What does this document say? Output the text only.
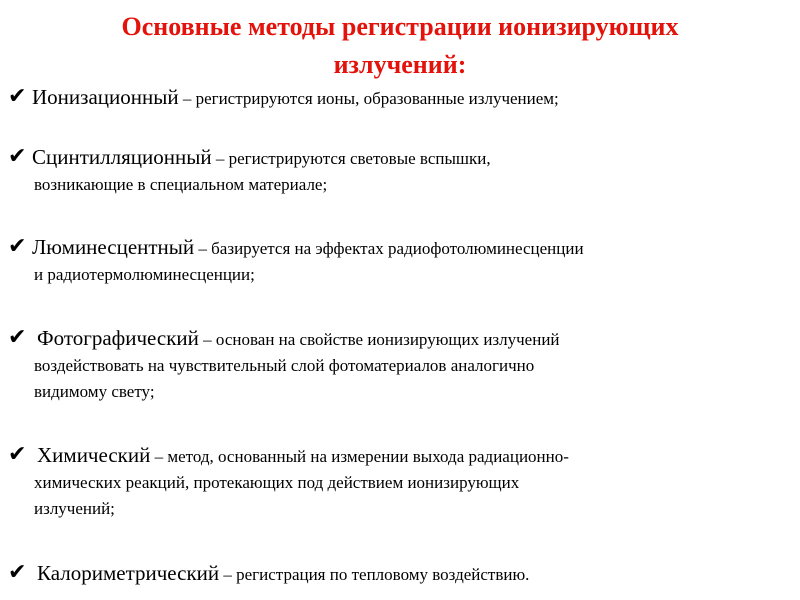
Основные методы регистрации ионизирующих
излучений:
✔ Ионизационный – регистрируются ионы, образованные излучением;
✔ Сцинтилляционный – регистрируются световые вспышки,
возникающие в специальном материале;
✔ Люминесцентный – базируется на эффектах радиофотолюминесценции
и радиотермолюминесценции;
✔ Фотографический – основан на свойстве ионизирующих излучений
воздействовать на чувствительный слой фотоматериалов аналогично
видимому свету;
✔ Химический – метод, основанный на измерении выхода радиационно-
химических реакций, протекающих под действием ионизирующих
излучений;
✔ Калориметрический – регистрация по тепловому воздействию.
